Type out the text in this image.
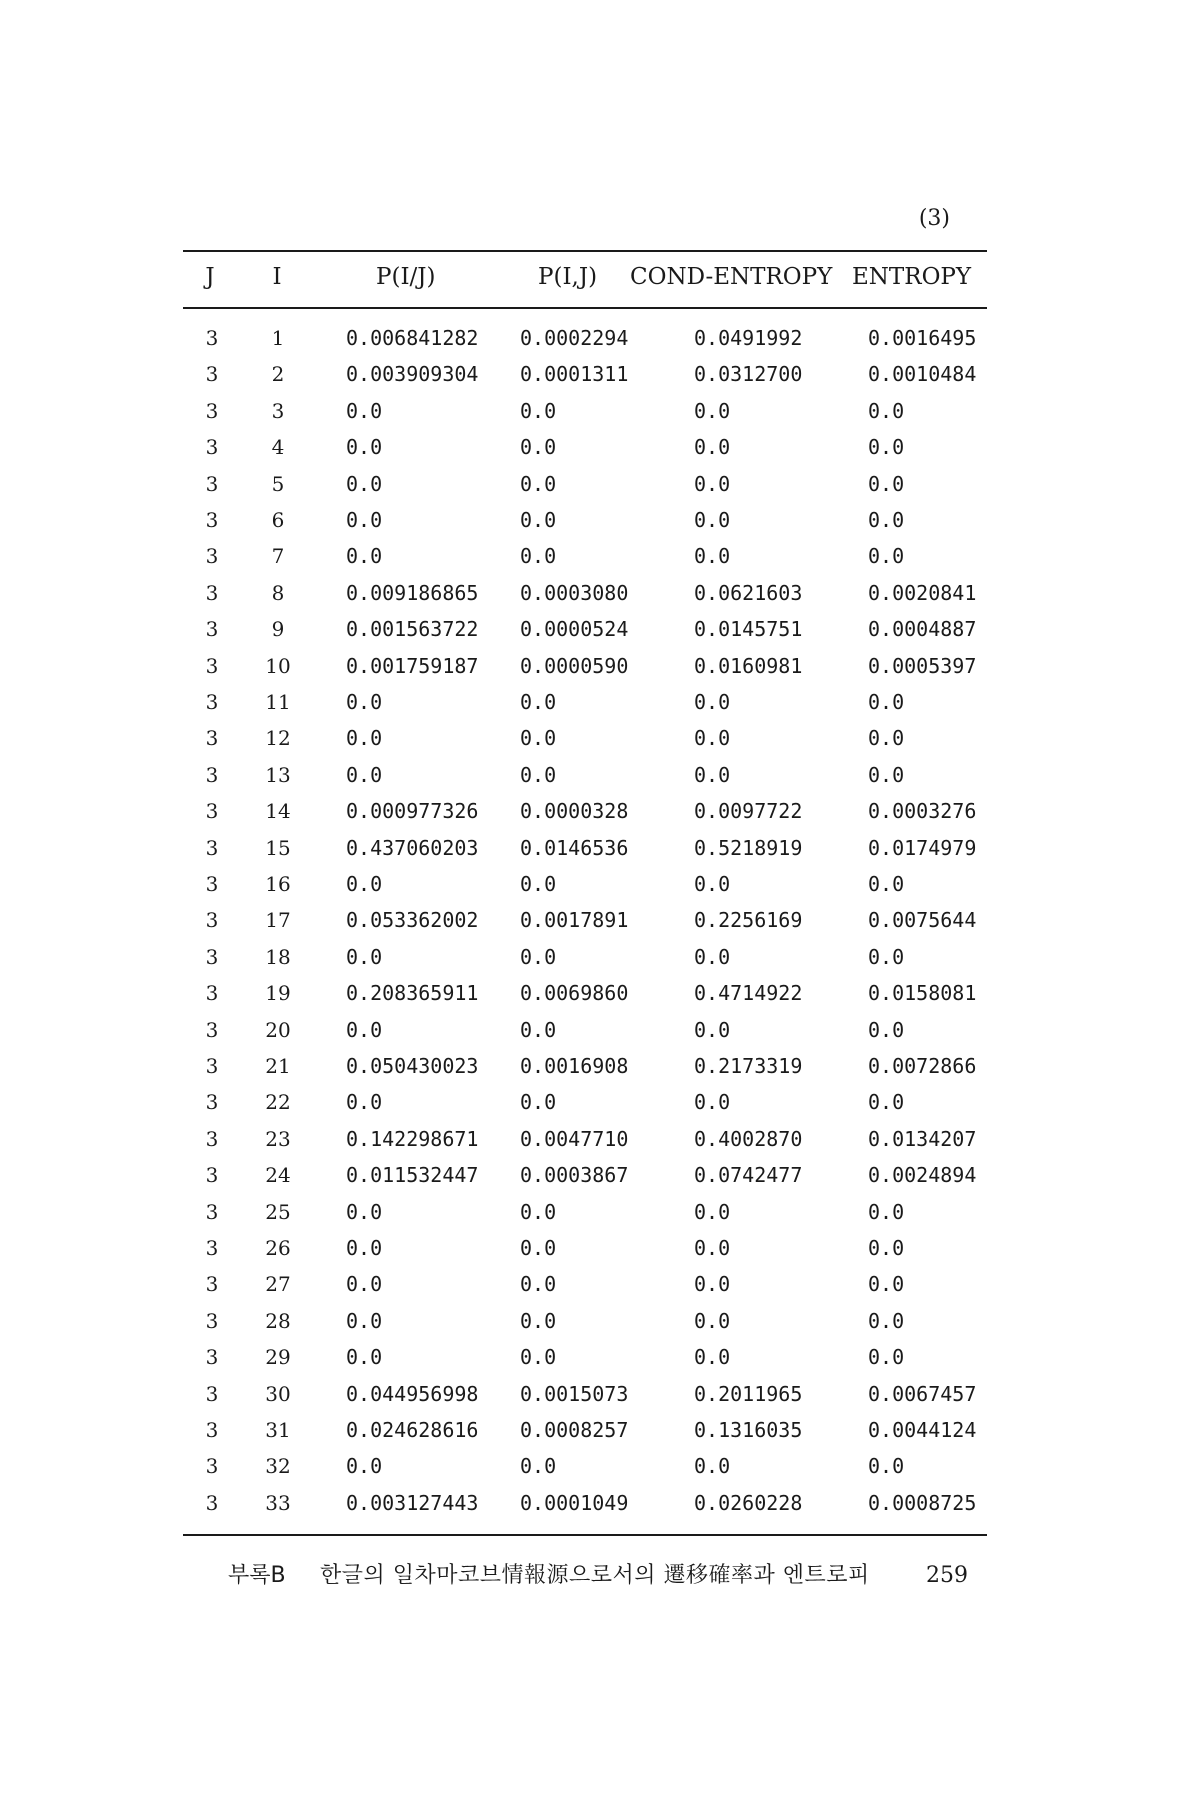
(3)
J	I	P(I/J)	P(I,J) COND-ENTROPY ENTROPY
3	1	0.006841282 0.0002294	0.0491992	0.0016495
3	2	0.003909304 0.0001311	0.0312700	0.0010484
3	3	0.0	0.0	0.0	0.0
3	4	0.0	0.0	0.0	0.0
3	5	0.0	0.0	0.0	0.0
3	6	0.0	0.0	0.0	0.0
3	7	0.0	0.0	0.0	0.0
3	8	0.009186865 0.0003080	0.0621603	0.0020841
3	9	0.001563722 0.0000524	0.0145751	0.0004887
3	10	0.001759187 0.0000590	0.0160981	0.0005397
3	11	0.0	0.0	0.0	0.0
3	12	0.0	0.0	0.0	0.0
3	13	0.0	0.0	0.0	0.0
3	14	0.000977326 0.0000328	0.0097722	0.0003276
3	15	0.437060203 0.0146536	0.5218919	0.0174979
3	16	0.0	0.0	0.0	0.0
3	17	0.053362002 0.0017891	0.2256169	0.0075644
3	18	0.0	0.0	0.0	0.0
3	19	0.208365911 0.0069860	0.4714922	0.0158081
3	20	0.0	0.0	0.0	0.0
3	21	0.050430023 0.0016908	0.2173319	0.0072866
3	22	0.0	0.0	0.0	0.0
3	23	0.142298671 0.0047710	0.4002870	0.0134207
3	24	0.011532447 0.0003867	0.0742477	0.0024894
3	25	0.0	0.0	0.0	0.0
3	26	0.0	0.0	0.0	0.0
3	27	0.0	0.0	0.0	0.0
3	28	0.0	0.0	0.0	0.0
3	29	0.0	0.0	0.0	0.0
3	30	0.044956998 0.0015073	0.2011965	0.0067457
3	31	0.024628616 0.0008257	0.1316035	0.0044124
3	32	0.0	0.0	0.0	0.0
3	33	0.003127443 0.0001049	0.0260228	0.0008725
부록B 한글의 일차마코브情報源으로서의 遷移確率과 엔트로피	259
